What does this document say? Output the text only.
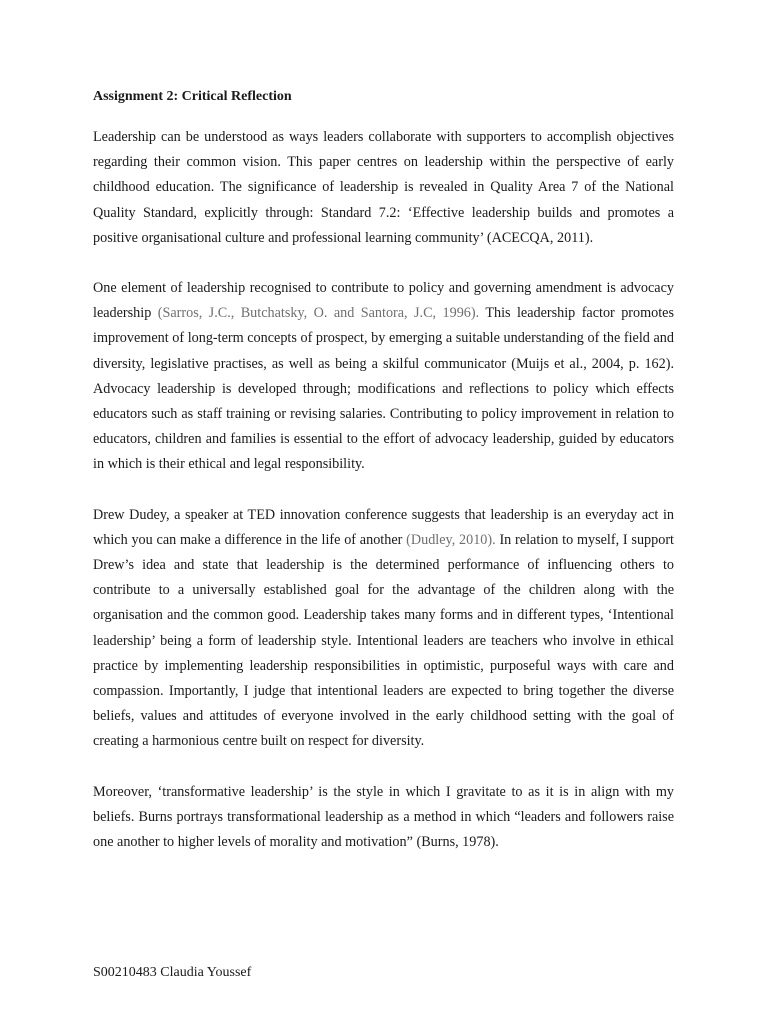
Assignment 2: Critical Reflection

Leadership can be understood as ways leaders collaborate with supporters to accomplish objectives regarding their common vision. This paper centres on leadership within the perspective of early childhood education. The significance of leadership is revealed in Quality Area 7 of the National Quality Standard, explicitly through: Standard 7.2: ‘Effective leadership builds and promotes a positive organisational culture and professional learning community’ (ACECQA, 2011).

One element of leadership recognised to contribute to policy and governing amendment is advocacy leadership (Sarros, J.C., Butchatsky, O. and Santora, J.C, 1996). This leadership factor promotes improvement of long-term concepts of prospect, by emerging a suitable understanding of the field and diversity, legislative practises, as well as being a skilful communicator (Muijs et al., 2004, p. 162). Advocacy leadership is developed through; modifications and reflections to policy which effects educators such as staff training or revising salaries. Contributing to policy improvement in relation to educators, children and families is essential to the effort of advocacy leadership, guided by educators in which is their ethical and legal responsibility.

Drew Dudey, a speaker at TED innovation conference suggests that leadership is an everyday act in which you can make a difference in the life of another (Dudley, 2010). In relation to myself, I support Drew’s idea and state that leadership is the determined performance of influencing others to contribute to a universally established goal for the advantage of the children along with the organisation and the common good. Leadership takes many forms and in different types, ‘Intentional leadership’ being a form of leadership style. Intentional leaders are teachers who involve in ethical practice by implementing leadership responsibilities in optimistic, purposeful ways with care and compassion. Importantly, I judge that intentional leaders are expected to bring together the diverse beliefs, values and attitudes of everyone involved in the early childhood setting with the goal of creating a harmonious centre built on respect for diversity.

Moreover, ‘transformative leadership’ is the style in which I gravitate to as it is in align with my beliefs. Burns portrays transformational leadership as a method in which “leaders and followers raise one another to higher levels of morality and motivation” (Burns, 1978).

S00210483 Claudia Youssef
